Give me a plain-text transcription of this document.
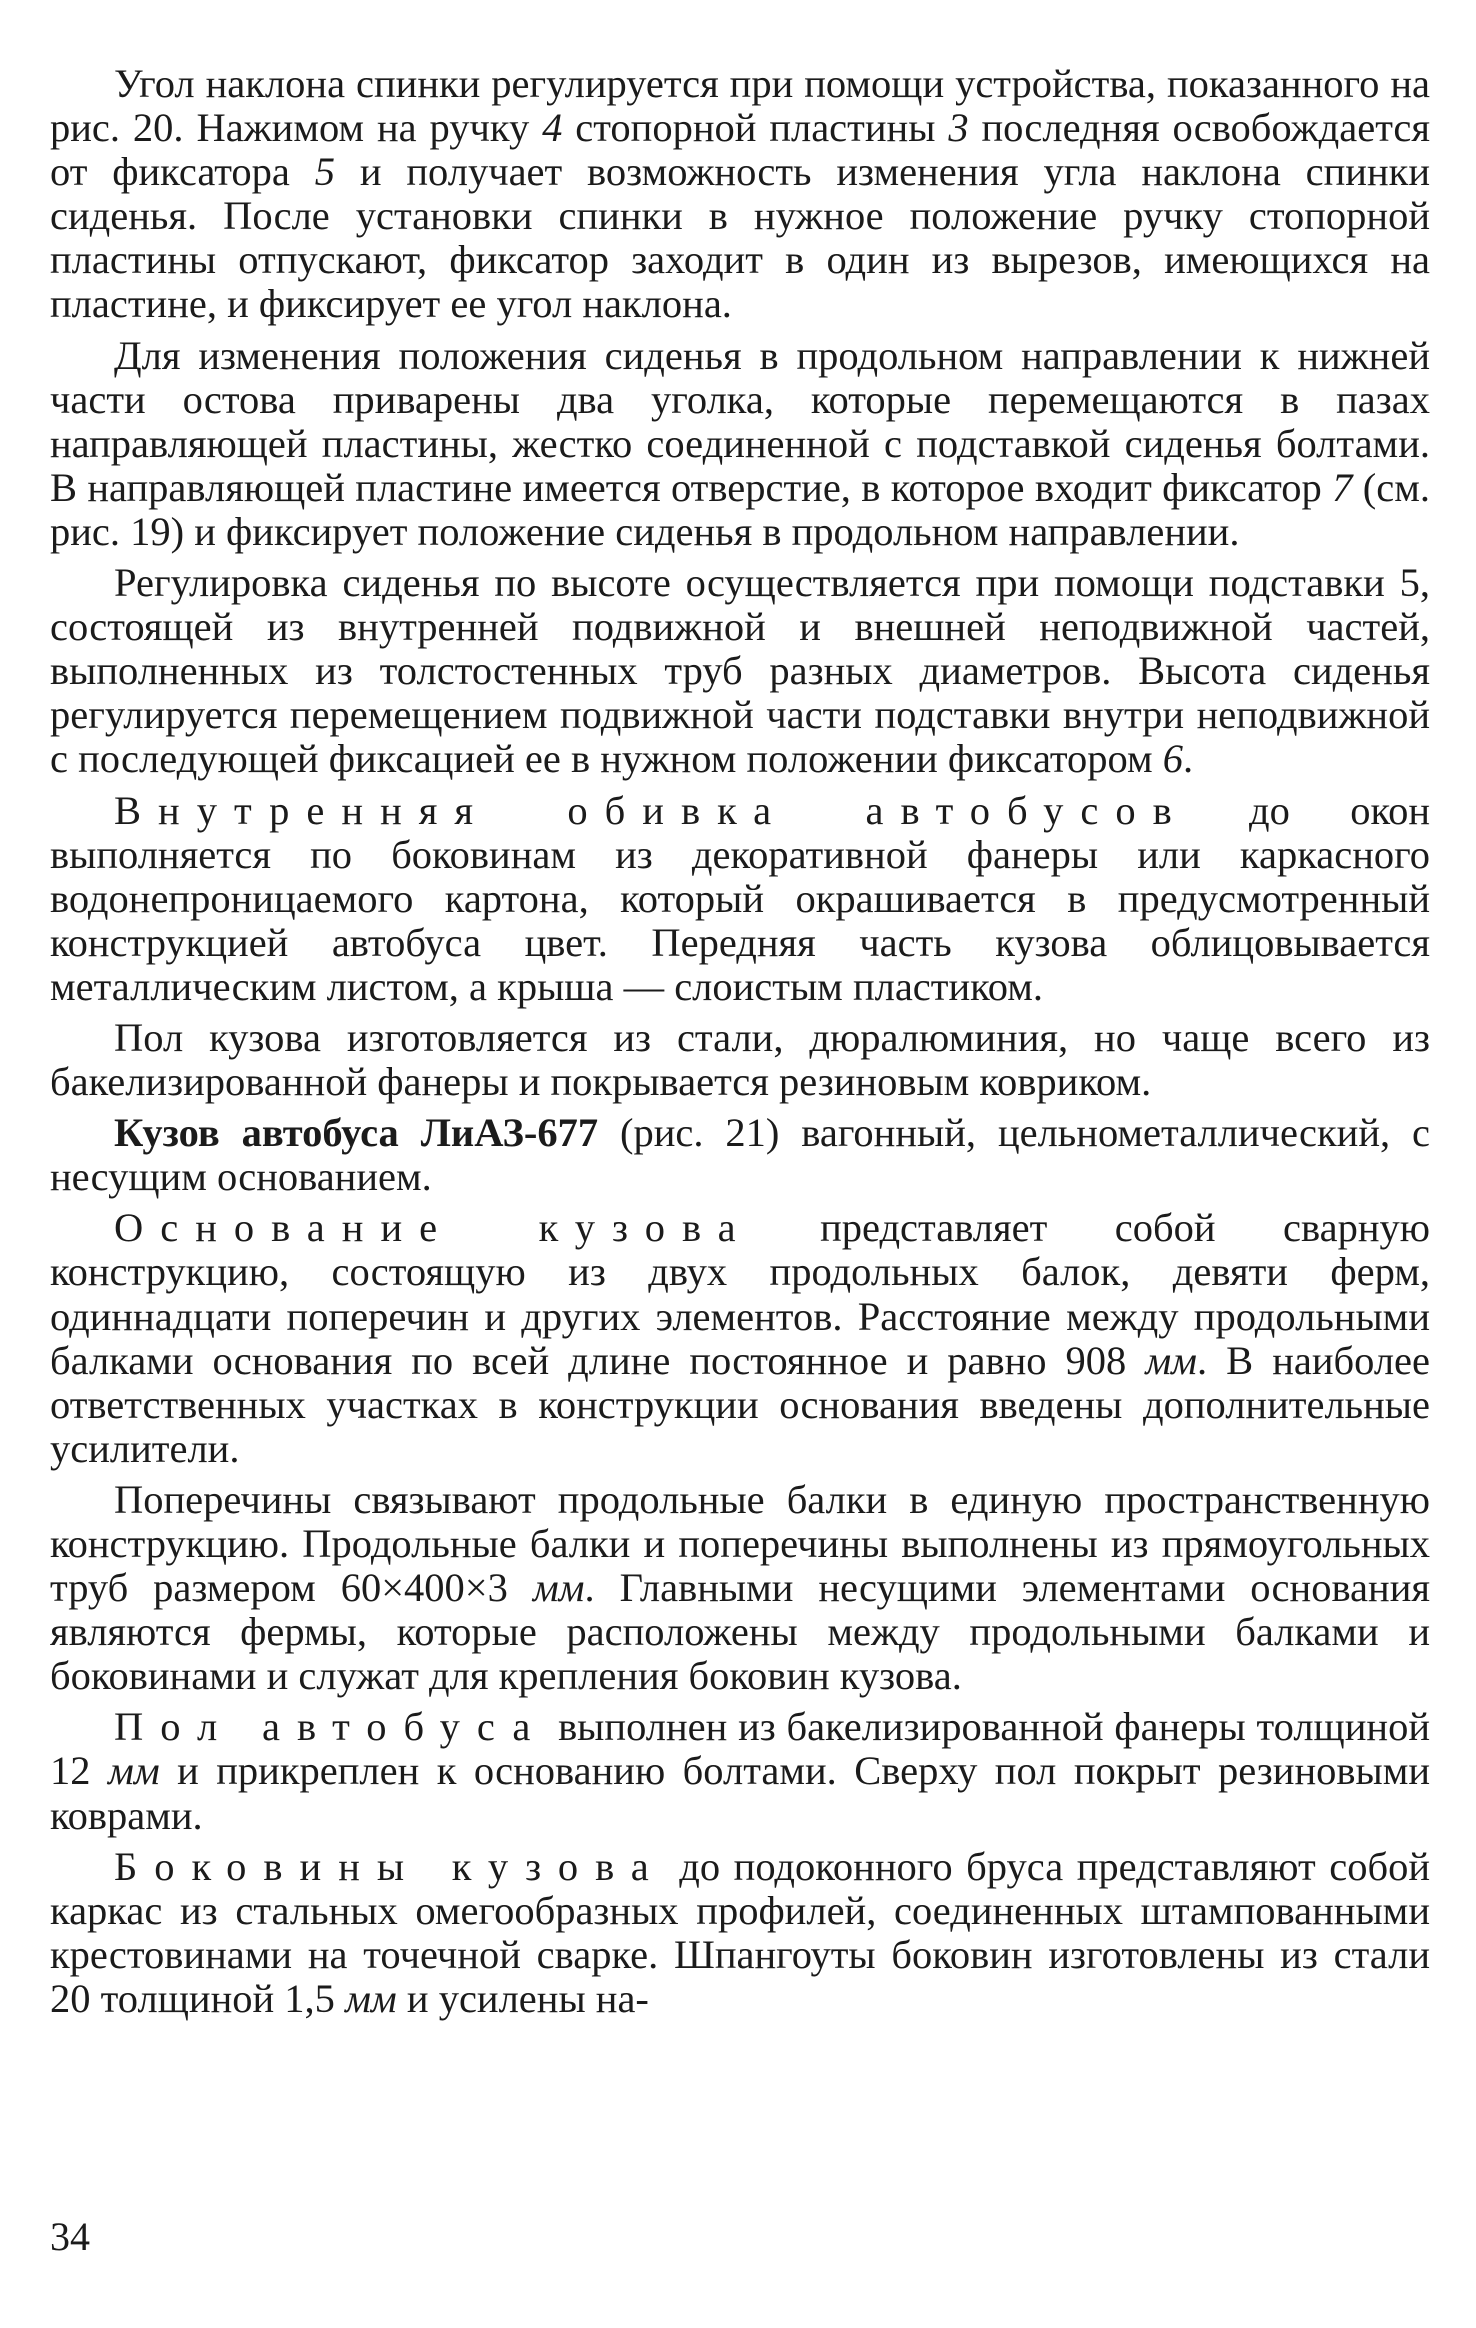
Угол наклона спинки регулируется при помощи устройства, показанного на рис. 20. Нажимом на ручку 4 стопорной пластины 3 последняя освобождается от фиксатора 5 и получает возможность изменения угла наклона спинки сиденья. После установки спинки в нужное положение ручку стопорной пластины отпускают, фиксатор заходит в один из вырезов, имеющихся на пластине, и фиксирует ее угол наклона.

Для изменения положения сиденья в продольном направлении к нижней части остова приварены два уголка, которые перемещаются в пазах направляющей пластины, жестко соединенной с подставкой сиденья болтами. В направляющей пластине имеется отверстие, в которое входит фиксатор 7 (см. рис. 19) и фиксирует положение сиденья в продольном направлении.

Регулировка сиденья по высоте осуществляется при помощи подставки 5, состоящей из внутренней подвижной и внешней неподвижной частей, выполненных из толстостенных труб разных диаметров. Высота сиденья регулируется перемещением подвижной части подставки внутри неподвижной с последующей фиксацией ее в нужном положении фиксатором 6.

Внутренняя обивка автобусов до окон выполняется по боковинам из декоративной фанеры или каркасного водонепроницаемого картона, который окрашивается в предусмотренный конструкцией автобуса цвет. Передняя часть кузова облицовывается металлическим листом, а крыша — слоистым пластиком.

Пол кузова изготовляется из стали, дюралюминия, но чаще всего из бакелизированной фанеры и покрывается резиновым ковриком.

Кузов автобуса ЛиАЗ-677 (рис. 21) вагонный, цельнометаллический, с несущим основанием.

Основание кузова представляет собой сварную конструкцию, состоящую из двух продольных балок, девяти ферм, одиннадцати поперечин и других элементов. Расстояние между продольными балками основания по всей длине постоянное и равно 908 мм. В наиболее ответственных участках в конструкции основания введены дополнительные усилители.

Поперечины связывают продольные балки в единую пространственную конструкцию. Продольные балки и поперечины выполнены из прямоугольных труб размером 60×400×3 мм. Главными несущими элементами основания являются фермы, которые расположены между продольными балками и боковинами и служат для крепления боковин кузова.

Пол автобуса выполнен из бакелизированной фанеры толщиной 12 мм и прикреплен к основанию болтами. Сверху пол покрыт резиновыми коврами.

Боковины кузова до подоконного бруса представляют собой каркас из стальных омегообразных профилей, соединенных штампованными крестовинами на точечной сварке. Шпангоуты боковин изготовлены из стали 20 толщиной 1,5 мм и усилены на-

34
